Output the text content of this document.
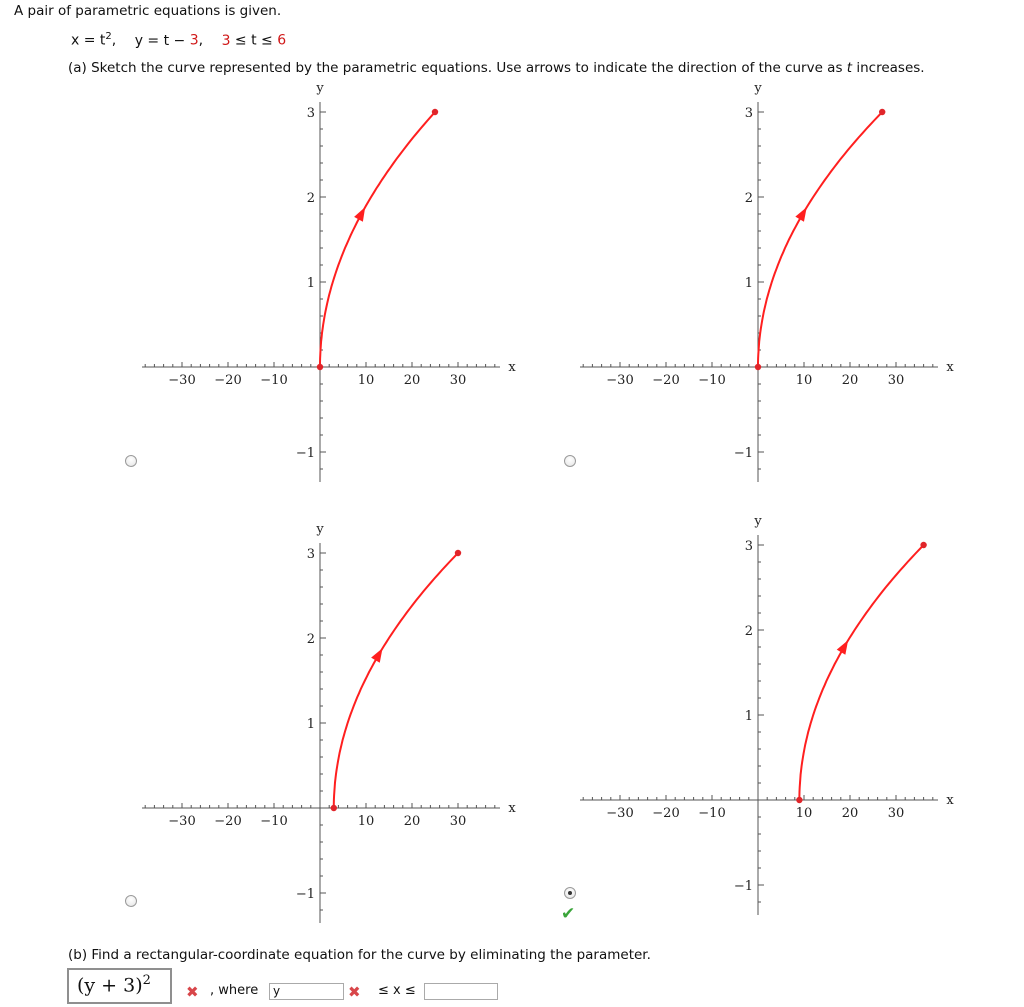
A pair of parametric equations is given.
$x = t^2$, y = t − 3, 3 ≤ t ≤ 6
(a) Sketch the curve represented by the parametric equations. Use arrows to indicate the direction of the curve as t increases.
−30 −20 −10	10 20 30
3
2
1
−1
x
y
−30 −20 −10	10 20 30
3
2
1
−1
x
y
−30 −20 −10	10 20 30
3
2
1
−1
x
y
−30 −20 −10	10 20 30
3
2
1
−1
x
y
✔
(b) Find a rectangular-coordinate equation for the curve by eliminating the parameter.
$(y + 3)^2$
✖ , where	y	✖ ≤ x ≤
